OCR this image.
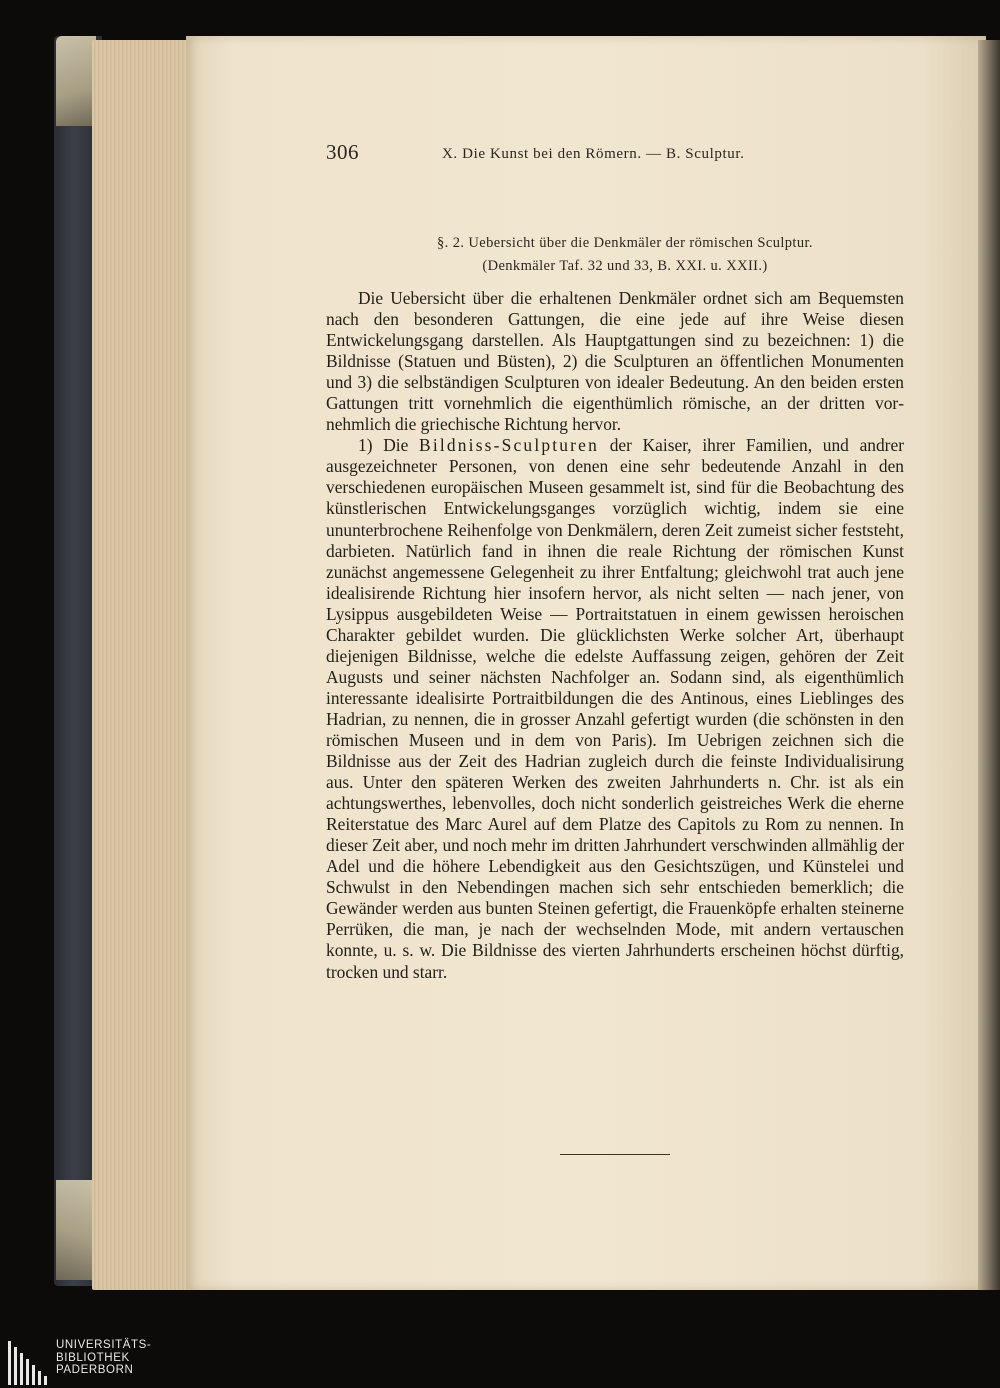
306	X. Die Kunst bei den Römern. — B. Sculptur.
§. 2. Uebersicht über die Denkmäler der römischen Sculptur.
(Denkmäler Taf. 32 und 33, B. XXI. u. XXII.)

Die Uebersicht über die erhaltenen Denkmäler ordnet sich am Bequemsten nach den besonderen Gattungen, die eine jede auf ihre Weise diesen Entwickelungsgang darstellen. Als Hauptgattungen sind zu bezeichnen: 1) die Bildnisse (Statuen und Büsten), 2) die Sculpturen an öffentlichen Monumenten und 3) die selbständigen Sculpturen von idealer Bedeutung. An den beiden ersten Gattungen tritt vornehmlich die eigenthümlich römische, an der dritten vornehmlich die griechische Richtung hervor.

1) Die Bildniss-Sculpturen der Kaiser, ihrer Familien, und andrer ausgezeichneter Personen, von denen eine sehr bedeutende Anzahl in den verschiedenen europäischen Museen gesammelt ist, sind für die Beobachtung des künstlerischen Entwickelungsganges vorzüglich wichtig, indem sie eine ununterbrochene Reihenfolge von Denkmälern, deren Zeit zumeist sicher feststeht, darbieten. Natürlich fand in ihnen die reale Richtung der römischen Kunst zunächst angemessene Gelegenheit zu ihrer Entfaltung; gleichwohl trat auch jene idealisirende Richtung hier insofern hervor, als nicht selten — nach jener, von Lysippus ausgebildeten Weise — Portraitstatuen in einem gewissen heroischen Charakter gebildet wurden. Die glücklichsten Werke solcher Art, überhaupt diejenigen Bildnisse, welche die edelste Auffassung zeigen, gehören der Zeit Augusts und seiner nächsten Nachfolger an. Sodann sind, als eigenthümlich interessante idealisirte Portraitbildungen die des Antinous, eines Lieblinges des Hadrian, zu nennen, die in grosser Anzahl gefertigt wurden (die schönsten in den römischen Museen und in dem von Paris). Im Uebrigen zeichnen sich die Bildnisse aus der Zeit des Hadrian zugleich durch die feinste Individualisirung aus. Unter den späteren Werken des zweiten Jahrhunderts n. Chr. ist als ein achtungswerthes, lebenvolles, doch nicht sonderlich geistreiches Werk die eherne Reiterstatue des Marc Aurel auf dem Platze des Capitols zu Rom zu nennen. In dieser Zeit aber, und noch mehr im dritten Jahrhundert verschwinden allmählig der Adel und die höhere Lebendigkeit aus den Gesichtszügen, und Künstelei und Schwulst in den Nebendingen machen sich sehr entschieden bemerklich; die Gewänder werden aus bunten Steinen gefertigt, die Frauenköpfe erhalten steinerne Perrüken, die man, je nach der wechselnden Mode, mit andern vertauschen konnte, u. s. w. Die Bildnisse des vierten Jahrhunderts erscheinen höchst dürftig, trocken und starr.

UNIVERSITÄTS-
BIBLIOTHEK
PADERBORN
